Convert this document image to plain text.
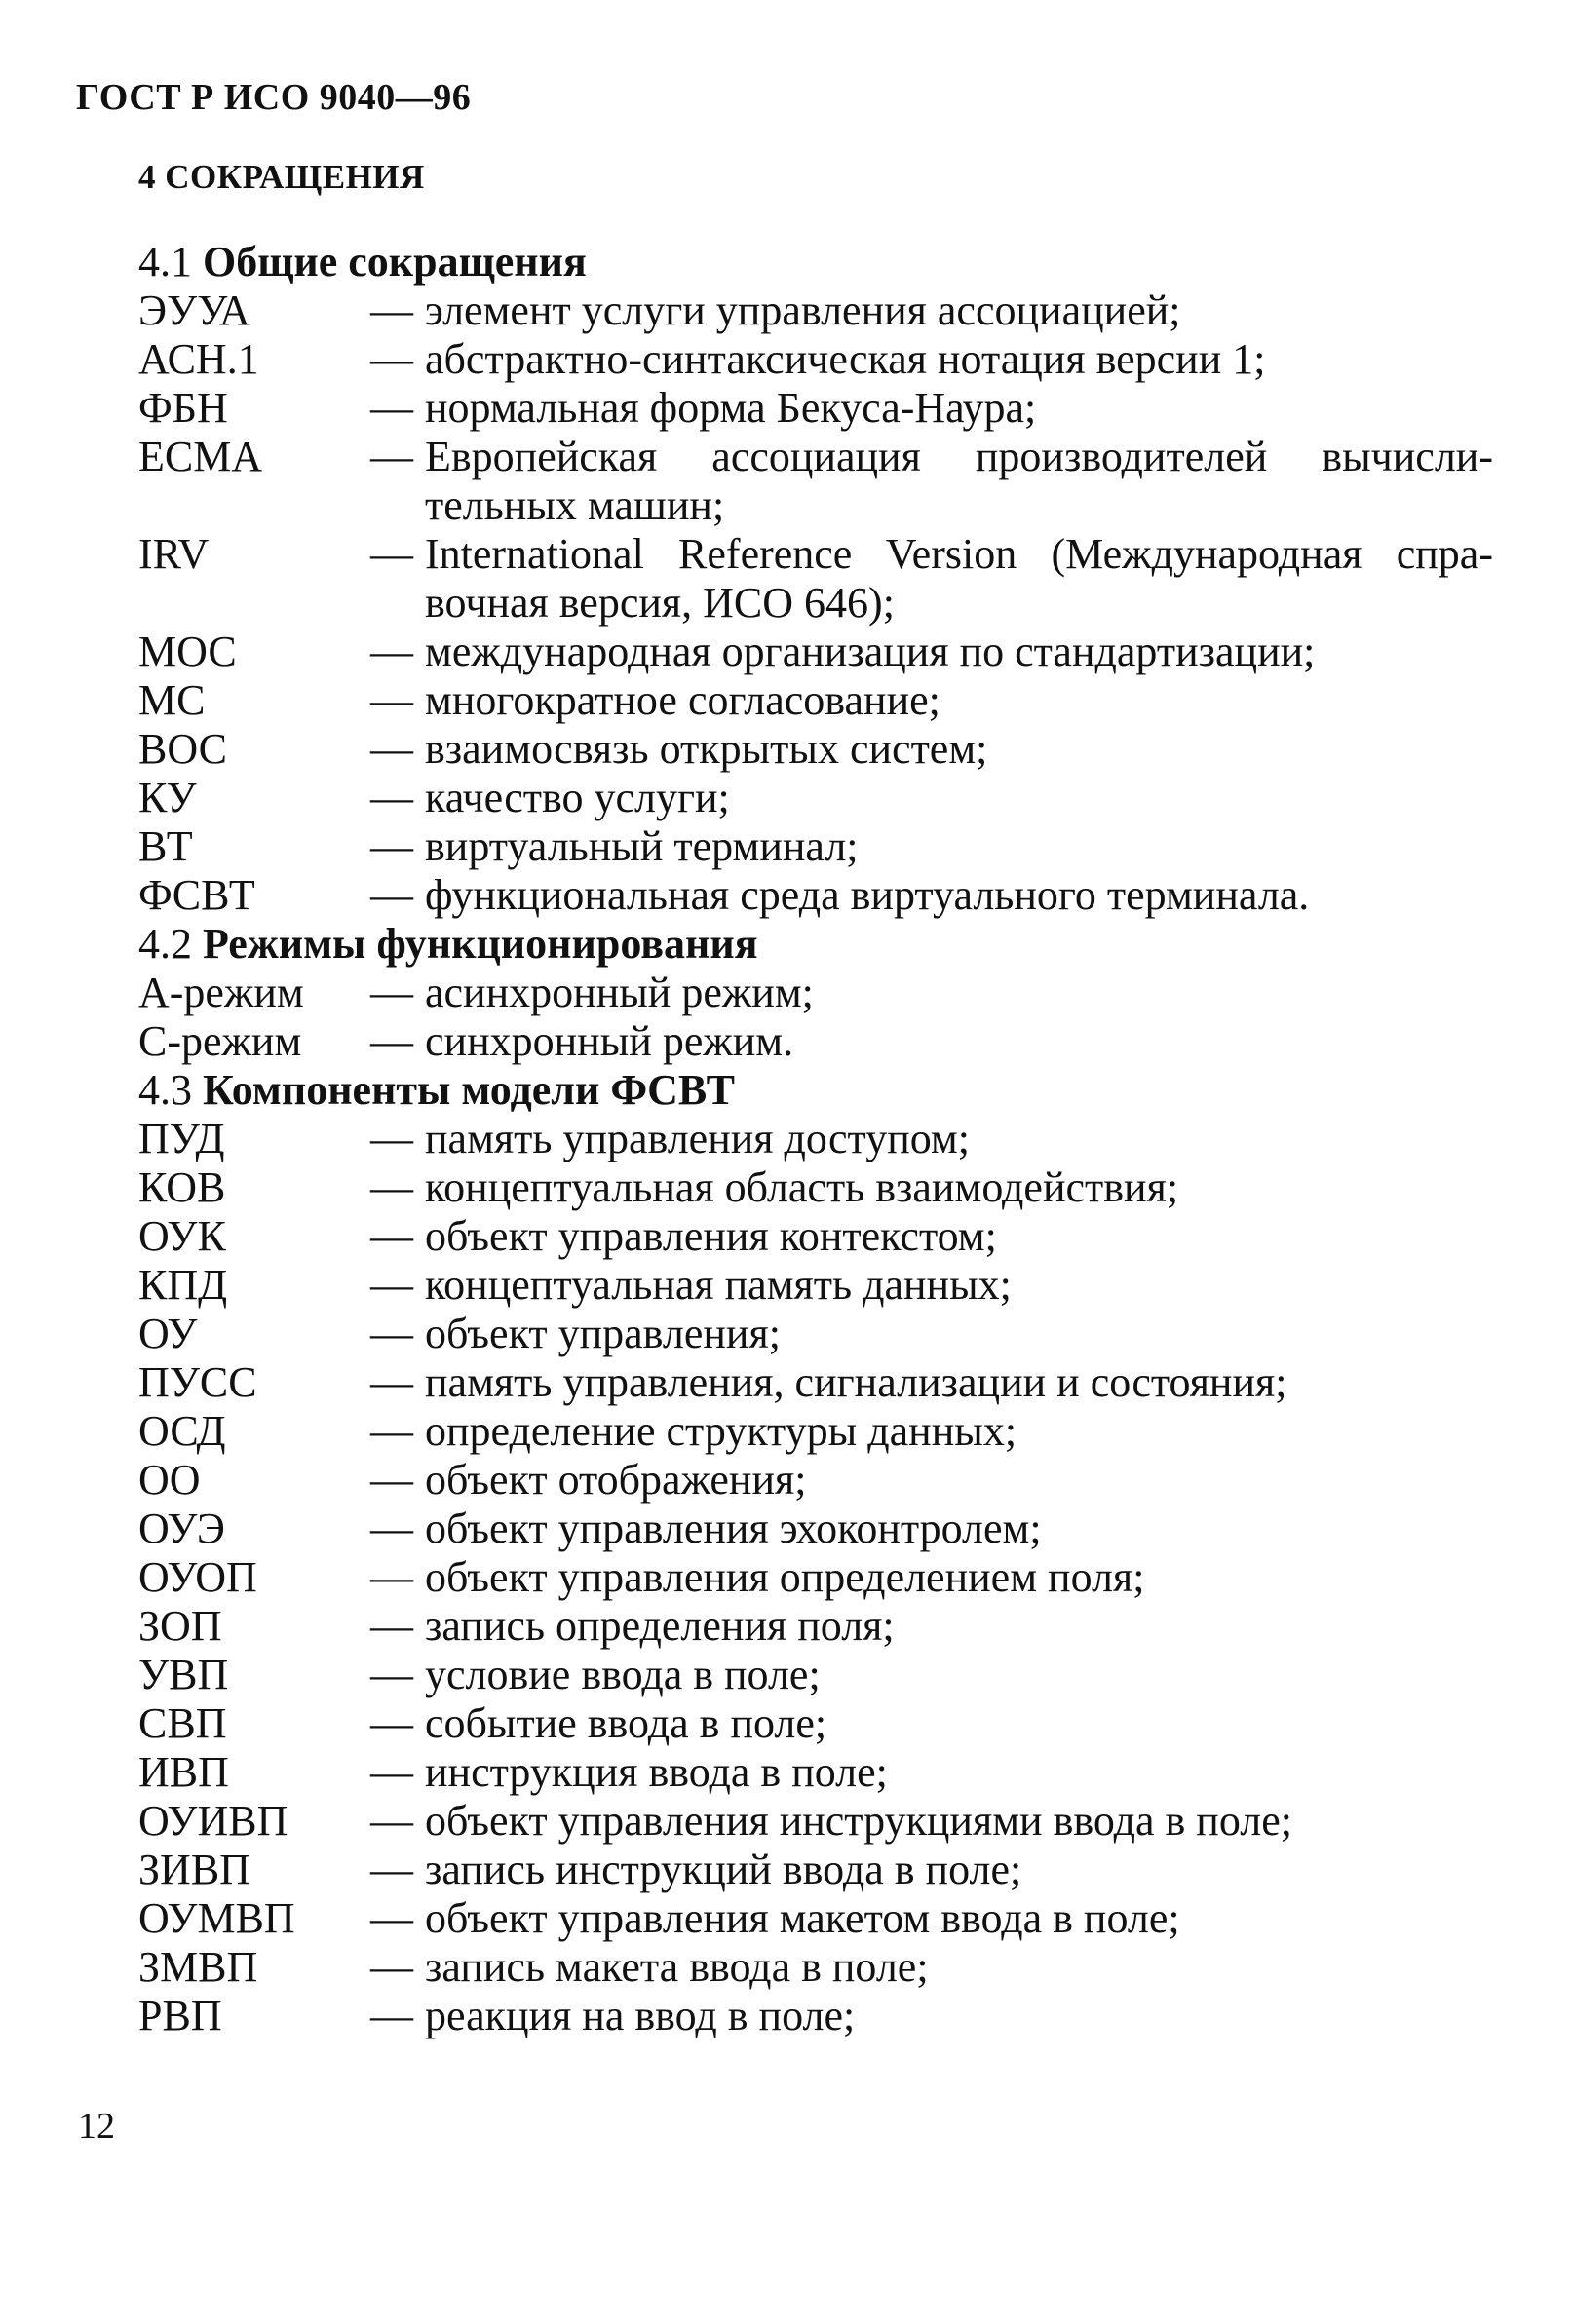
ГОСТ Р ИСО 9040—96
4 СОКРАЩЕНИЯ
4.1 Общие сокращения
ЭУУА	— элемент услуги управления ассоциацией;
АСН.1	— абстрактно-синтаксическая нотация версии 1;
ФБН	— нормальная форма Бекуса-Наура;
ЕСМА	— Европейская ассоциация производителей вычисли-тельных машин;
IRV	— International Reference Version (Международная спра-вочная версия, ИСО 646);
МОС	— международная организация по стандартизации;
МС	— многократное согласование;
ВОС	— взаимосвязь открытых систем;
КУ	— качество услуги;
ВТ	— виртуальный терминал;
ФСВТ	— функциональная среда виртуального терминала.
4.2 Режимы функционирования
А-режим	— асинхронный режим;
С-режим	— синхронный режим.
4.3 Компоненты модели ФСВТ
ПУД	— память управления доступом;
КОВ	— концептуальная область взаимодействия;
ОУК	— объект управления контекстом;
КПД	— концептуальная память данных;
ОУ	— объект управления;
ПУСС	— память управления, сигнализации и состояния;
ОСД	— определение структуры данных;
ОО	— объект отображения;
ОУЭ	— объект управления эхоконтролем;
ОУОП	— объект управления определением поля;
ЗОП	— запись определения поля;
УВП	— условие ввода в поле;
СВП	— событие ввода в поле;
ИВП	— инструкция ввода в поле;
ОУИВП	— объект управления инструкциями ввода в поле;
ЗИВП	— запись инструкций ввода в поле;
ОУМВП	— объект управления макетом ввода в поле;
ЗМВП	— запись макета ввода в поле;
РВП	— реакция на ввод в поле;
12
